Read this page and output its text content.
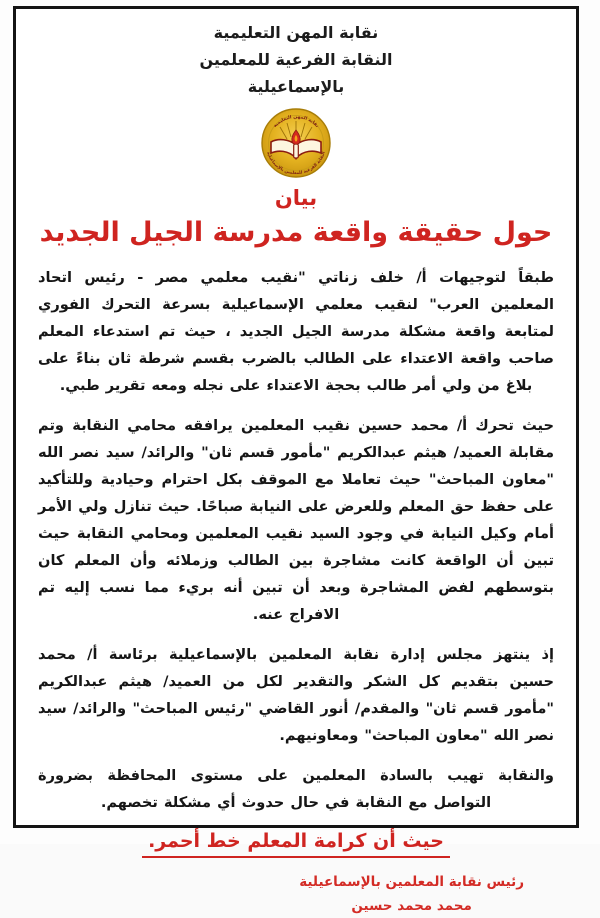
نقابة المهن التعليمية
النقابة الفرعية للمعلمين
بالإسماعيلية
نقابة المهن التعليمية
النقابة الفرعية للمعلمين بالإسماعيلية
بيان
حول حقيقة واقعة مدرسة الجيل الجديد

طبقاً لتوجيهات أ/ خلف زناتي "نقيب معلمي مصر - رئيس اتحاد المعلمين العرب" لنقيب معلمي الإسماعيلية بسرعة التحرك الفوري لمتابعة واقعة مشكلة مدرسة الجيل الجديد ، حيث تم استدعاء المعلم صاحب واقعة الاعتداء على الطالب بالضرب بقسم شرطة ثان بناءً على بلاغ من ولي أمر طالب بحجة الاعتداء على نجله ومعه تقرير طبي.

حيث تحرك أ/ محمد حسين نقيب المعلمين يرافقه محامي النقابة وتم مقابلة العميد/ هيثم عبدالكريم "مأمور قسم ثان" والرائد/ سيد نصر الله "معاون المباحث" حيث تعاملا مع الموقف بكل احترام وحيادية وللتأكيد على حفظ حق المعلم وللعرض على النيابة صباحًا. حيث تنازل ولي الأمر أمام وكيل النيابة في وجود السيد نقيب المعلمين ومحامي النقابة حيث تبين أن الواقعة كانت مشاجرة بين الطالب وزملائه وأن المعلم كان بتوسطهم لفض المشاجرة وبعد أن تبين أنه بريء مما نسب إليه تم الافراج عنه.

إذ ينتهز مجلس إدارة نقابة المعلمين بالإسماعيلية برئاسة أ/ محمد حسين بتقديم كل الشكر والتقدير لكل من العميد/ هيثم عبدالكريم "مأمور قسم ثان" والمقدم/ أنور القاضي "رئيس المباحث" والرائد/ سيد نصر الله "معاون المباحث" ومعاونيهم.

والنقابة تهيب بالسادة المعلمين على مستوى المحافظة بضرورة التواصل مع النقابة في حال حدوث أي مشكلة تخصهم.

حيث أن كرامة المعلم خط أحمر.
رئيس نقابة المعلمين بالإسماعيلية
محمد محمد حسين
